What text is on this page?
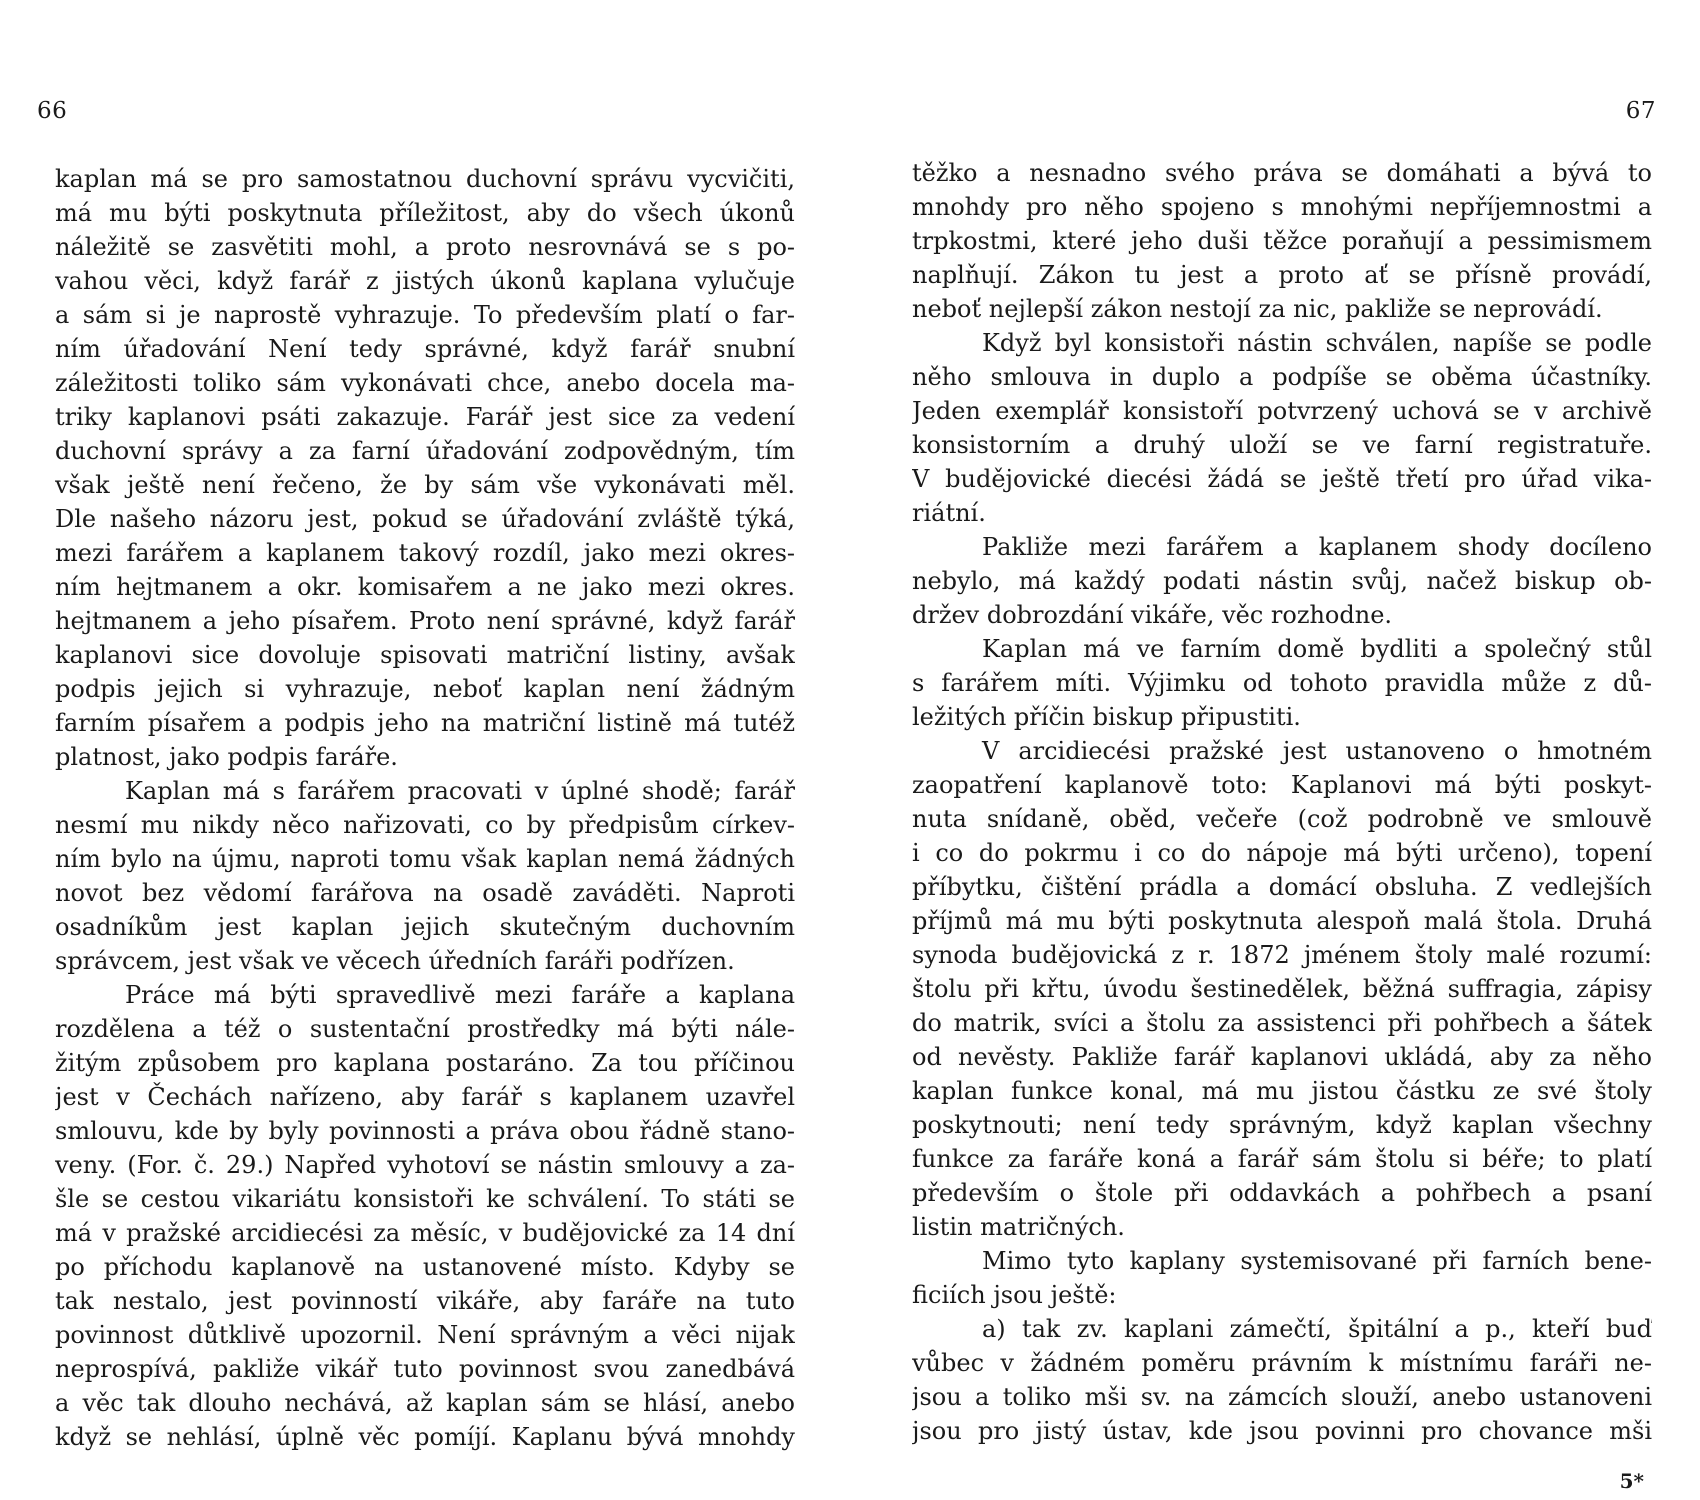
66
kaplan má se pro samostatnou duchovní správu vycvičiti,
má mu býti poskytnuta příležitost, aby do všech úkonů
náležitě se zasvětiti mohl, a proto nesrovnává se s po-
vahou věci, když farář z jistých úkonů kaplana vylučuje
a sám si je naprostě vyhrazuje. To především platí o far-
ním úřadování Není tedy správné, když farář snubní
záležitosti toliko sám vykonávati chce, anebo docela ma-
triky kaplanovi psáti zakazuje. Farář jest sice za vedení
duchovní správy a za farní úřadování zodpovědným, tím
však ještě není řečeno, že by sám vše vykonávati měl.
Dle našeho názoru jest, pokud se úřadování zvláště týká,
mezi farářem a kaplanem takový rozdíl, jako mezi okres-
ním hejtmanem a okr. komisařem a ne jako mezi okres.
hejtmanem a jeho písařem. Proto není správné, když farář
kaplanovi sice dovoluje spisovati matriční listiny, avšak
podpis jejich si vyhrazuje, neboť kaplan není žádným
farním písařem a podpis jeho na matriční listině má tutéž
platnost, jako podpis faráře.
Kaplan má s farářem pracovati v úplné shodě; farář
nesmí mu nikdy něco nařizovati, co by předpisům církev-
ním bylo na újmu, naproti tomu však kaplan nemá žádných
novot bez vědomí farářova na osadě zaváděti. Naproti
osadníkům jest kaplan jejich skutečným duchovním
správcem, jest však ve věcech úředních faráři podřízen.
Práce má býti spravedlivě mezi faráře a kaplana
rozdělena a též o sustentační prostředky má býti nále-
žitým způsobem pro kaplana postaráno. Za tou příčinou
jest v Čechách nařízeno, aby farář s kaplanem uzavřel
smlouvu, kde by byly povinnosti a práva obou řádně stano-
veny. (For. č. 29.) Napřed vyhotoví se nástin smlouvy a za-
šle se cestou vikariátu konsistoři ke schválení. To státi se
má v pražské arcidiecési za měsíc, v budějovické za 14 dní
po příchodu kaplanově na ustanovené místo. Kdyby se
tak nestalo, jest povinností vikáře, aby faráře na tuto
povinnost důtklivě upozornil. Není správným a věci nijak
neprospívá, pakliže vikář tuto povinnost svou zanedbává
a věc tak dlouho nechává, až kaplan sám se hlásí, anebo
když se nehlásí, úplně věc pomíjí. Kaplanu bývá mnohdy
67
těžko a nesnadno svého práva se domáhati a bývá to
mnohdy pro něho spojeno s mnohými nepříjemnostmi a
trpkostmi, které jeho duši těžce poraňují a pessimismem
naplňují. Zákon tu jest a proto ať se přísně provádí,
neboť nejlepší zákon nestojí za nic, pakliže se neprovádí.
Když byl konsistoři nástin schválen, napíše se podle
něho smlouva in duplo a podpíše se oběma účastníky.
Jeden exemplář konsistoří potvrzený uchová se v archivě
konsistorním a druhý uloží se ve farní registratuře.
V budějovické diecési žádá se ještě třetí pro úřad vika-
riátní.
Pakliže mezi farářem a kaplanem shody docíleno
nebylo, má každý podati nástin svůj, načež biskup ob-
držev dobrozdání vikáře, věc rozhodne.
Kaplan má ve farním domě bydliti a společný stůl
s farářem míti. Výjimku od tohoto pravidla může z dů-
ležitých příčin biskup připustiti.
V arcidiecési pražské jest ustanoveno o hmotném
zaopatření kaplanově toto: Kaplanovi má býti poskyt-
nuta snídaně, oběd, večeře (což podrobně ve smlouvě
i co do pokrmu i co do nápoje má býti určeno), topení
příbytku, čištění prádla a domácí obsluha. Z vedlejších
příjmů má mu býti poskytnuta alespoň malá štola. Druhá
synoda budějovická z r. 1872 jménem štoly malé rozumí:
štolu při křtu, úvodu šestinedělek, běžná suffragia, zápisy
do matrik, svíci a štolu za assistenci při pohřbech a šátek
od nevěsty. Pakliže farář kaplanovi ukládá, aby za něho
kaplan funkce konal, má mu jistou částku ze své štoly
poskytnouti; není tedy správným, když kaplan všechny
funkce za faráře koná a farář sám štolu si béře; to platí
především o štole při oddavkách a pohřbech a psaní
listin matričných.
Mimo tyto kaplany systemisované při farních bene-
ficiích jsou ještě:
a) tak zv. kaplani zámečtí, špitální a p., kteří buď
vůbec v žádném poměru právním k místnímu faráři ne-
jsou a toliko mši sv. na zámcích slouží, anebo ustanoveni
jsou pro jistý ústav, kde jsou povinni pro chovance mši
5*
